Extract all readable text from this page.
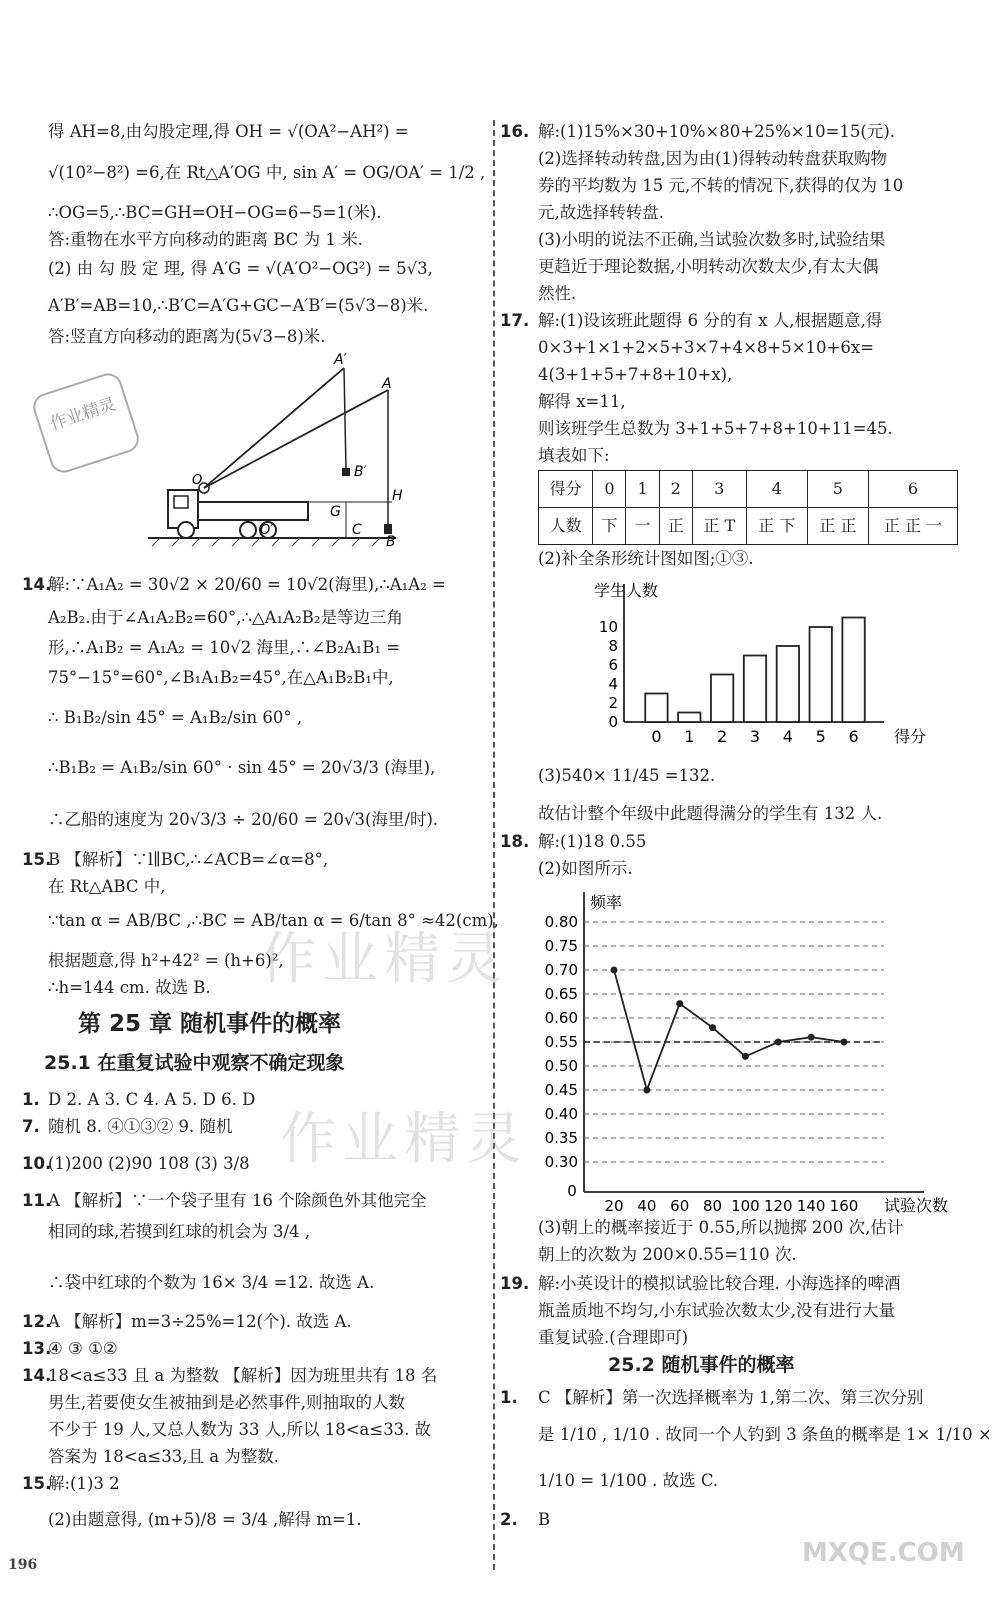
得 AH=8,由勾股定理,得 OH = √(OA²−AH²) =
√(10²−8²) =6,在 Rt△A′OG 中, sin A′ = OG/OA′ = 1/2 ,
∴OG=5,∴BC=GH=OH−OG=6−5=1(米).
答:重物在水平方向移动的距离 BC 为 1 米.
(2) 由 勾 股 定 理, 得 A′G = √(A′O²−OG²) = 5√3,
A′B′=AB=10,∴B′C=A′G+GC−A′B′=(5√3−8)米.
答:竖直方向移动的距离为(5√3−8)米.
A′
A
B′
H
G
C
O′
O
B
作业精灵
14.
解:∵A₁A₂ = 30√2 × 20/60 = 10√2(海里),∴A₁A₂ =
A₂B₂.由于∠A₁A₂B₂=60°,∴△A₁A₂B₂是等边三角
形,∴A₁B₂ = A₁A₂ = 10√2 海里,∴∠B₂A₁B₁ =
75°−15°=60°,∠B₁A₁B₂=45°,在△A₁B₂B₁中,
∴ B₁B₂/sin 45° = A₁B₂/sin 60° ,
∴B₁B₂ = A₁B₂/sin 60° · sin 45° = 20√3/3 (海里),
∴乙船的速度为 20√3/3 ÷ 20/60 = 20√3(海里/时).
15.
B 【解析】∵l∥BC,∴∠ACB=∠α=8°,
在 Rt△ABC 中,
∵tan α = AB/BC ,∴BC = AB/tan α = 6/tan 8° ≈42(cm),
根据题意,得 h²+42² = (h+6)²,
∴h=144 cm. 故选 B.
第 25 章 随机事件的概率
25.1 在重复试验中观察不确定现象
1. D 2. A 3. C 4. A 5. D 6. D
7. 随机 8. ④①③② 9. 随机
10.
(1)200 (2)90 108 (3) 3/8
11.
A 【解析】∵一个袋子里有 16 个除颜色外其他完全
相同的球,若摸到红球的机会为 3/4 ,
∴袋中红球的个数为 16× 3/4 =12. 故选 A.
12.
A 【解析】m=3÷25%=12(个). 故选 A.
13.
④ ③ ①②
14.
18<a≤33 且 a 为整数 【解析】因为班里共有 18 名
男生,若要使女生被抽到是必然事件,则抽取的人数
不少于 19 人,又总人数为 33 人,所以 18<a≤33. 故
答案为 18<a≤33,且 a 为整数.
15.
解:(1)3 2
(2)由题意得, (m+5)/8 = 3/4 ,解得 m=1.
196
16. 解:(1)15%×30+10%×80+25%×10=15(元).
(2)选择转动转盘,因为由(1)得转动转盘获取购物
券的平均数为 15 元,不转的情况下,获得的仅为 10
元,故选择转转盘.
(3)小明的说法不正确,当试验次数多时,试验结果
更趋近于理论数据,小明转动次数太少,有太大偶
然性.
17. 解:(1)设该班此题得 6 分的有 x 人,根据题意,得
0×3+1×1+2×5+3×7+4×8+5×10+6x=
4(3+1+5+7+8+10+x),
解得 x=11,
则该班学生总数为 3+1+5+7+8+10+11=45.
填表如下:
得分	0	1	2	3	4	5	6
人数	下	一	正	正 T	正 下	正 正	正 正 一
(2)补全条形统计图如图;①③.
学生人数
得分
0
2
4
6
8
10
0 1 2 3 4 5 6
(3)540× 11/45 =132.
故估计整个年级中此题得满分的学生有 132 人.
18. 解:(1)18 0.55
(2)如图所示.
频率
试验次数
0
0.30
0.35
0.40
0.45
0.50
0.55
0.60
0.65
0.70
0.75
0.80
20 40 60 80 100 120 140 160
(3)朝上的概率接近于 0.55,所以抛掷 200 次,估计
朝上的次数为 200×0.55=110 次.
19. 解:小英设计的模拟试验比较合理. 小海选择的啤酒
瓶盖质地不均匀,小东试验次数太少,没有进行大量
重复试验.(合理即可)
25.2 随机事件的概率
1. C 【解析】第一次选择概率为 1,第二次、第三次分别
是 1/10 , 1/10 . 故同一个人钓到 3 条鱼的概率是 1× 1/10 ×
1/10 = 1/100 . 故选 C.
2. B
MXQE.COM
作业精灵
作业精灵
